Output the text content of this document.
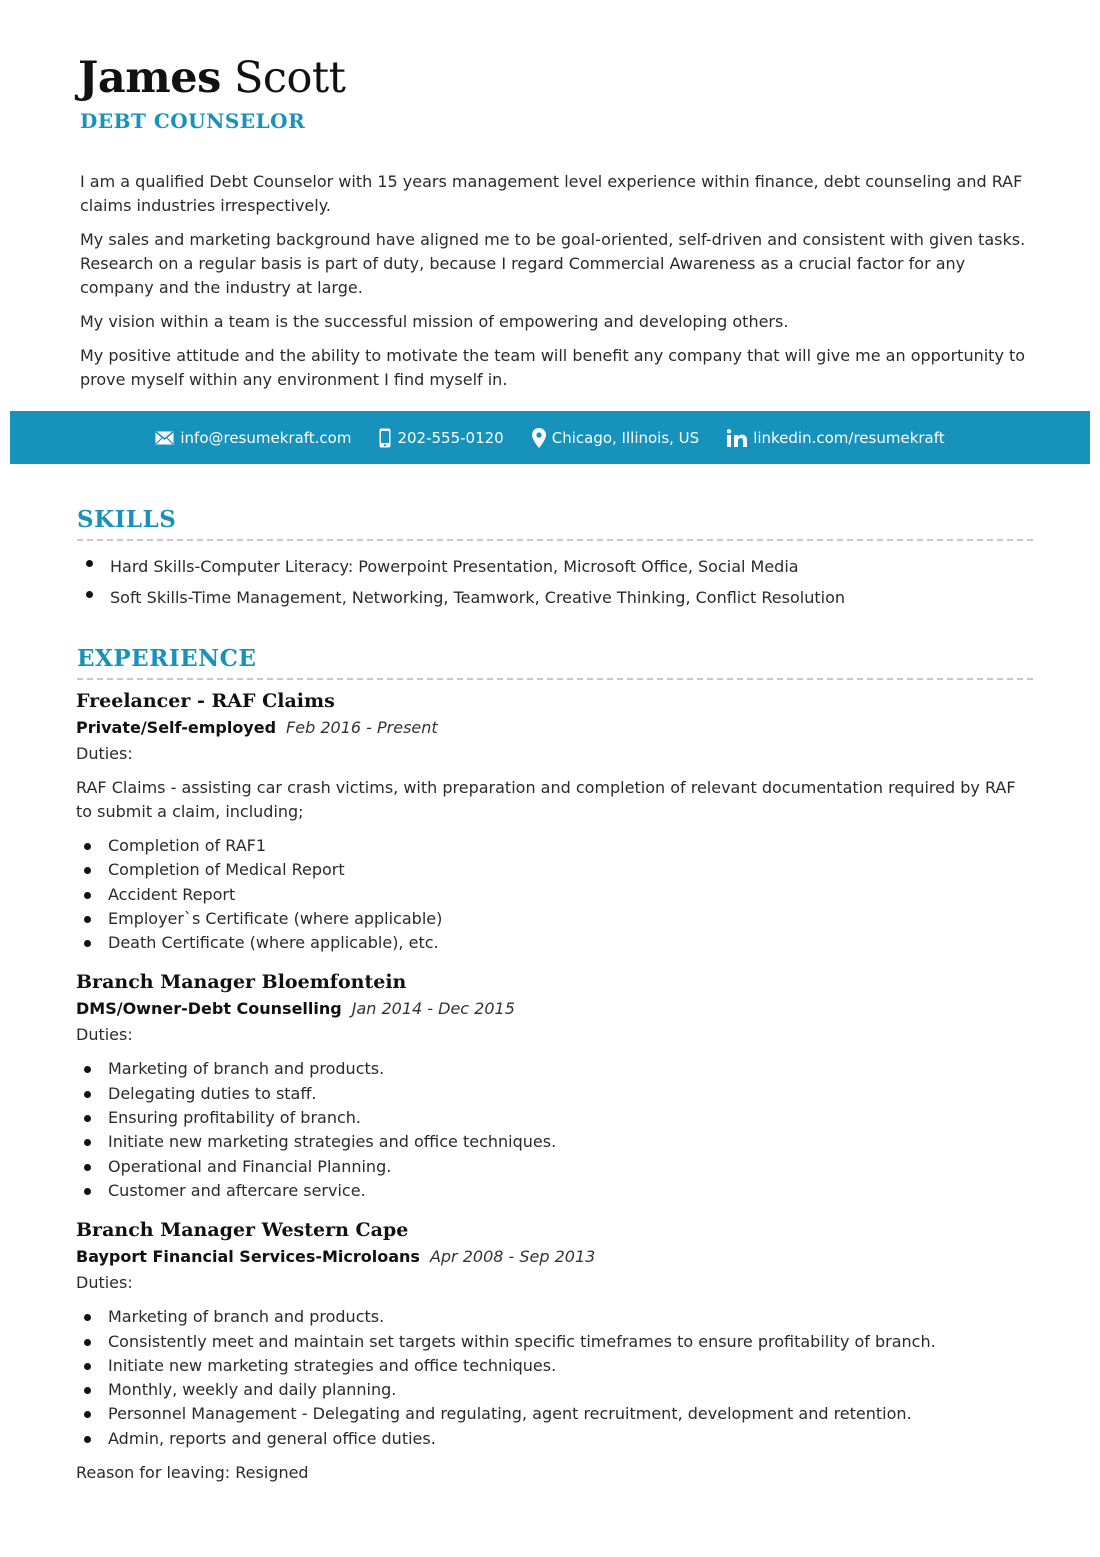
James Scott
DEBT COUNSELOR

I am a qualified Debt Counselor with 15 years management level experience within finance, debt counseling and RAF claims industries irrespectively.

My sales and marketing background have aligned me to be goal-oriented, self-driven and consistent with given tasks. Research on a regular basis is part of duty, because I regard Commercial Awareness as a crucial factor for any company and the industry at large.

My vision within a team is the successful mission of empowering and developing others.

My positive attitude and the ability to motivate the team will benefit any company that will give me an opportunity to prove myself within any environment I find myself in.

info@resumekraft.com	202-555-0120	Chicago, Illinois, US	linkedin.com/resumekraft
SKILLS
Hard Skills-Computer Literacy: Powerpoint Presentation, Microsoft Office, Social Media
Soft Skills-Time Management, Networking, Teamwork, Creative Thinking, Conflict Resolution
EXPERIENCE
Freelancer - RAF Claims

Private/Self-employed Feb 2016 - Present

Duties:

RAF Claims - assisting car crash victims, with preparation and completion of relevant documentation required by RAF to submit a claim, including;

Completion of RAF1
Completion of Medical Report
Accident Report
Employer`s Certificate (where applicable)
Death Certificate (where applicable), etc.
Branch Manager Bloemfontein

DMS/Owner-Debt Counselling Jan 2014 - Dec 2015

Duties:

Marketing of branch and products.
Delegating duties to staff.
Ensuring profitability of branch.
Initiate new marketing strategies and office techniques.
Operational and Financial Planning.
Customer and aftercare service.
Branch Manager Western Cape

Bayport Financial Services-Microloans Apr 2008 - Sep 2013

Duties:

Marketing of branch and products.
Consistently meet and maintain set targets within specific timeframes to ensure profitability of branch.
Initiate new marketing strategies and office techniques.
Monthly, weekly and daily planning.
Personnel Management - Delegating and regulating, agent recruitment, development and retention.
Admin, reports and general office duties.

Reason for leaving: Resigned
